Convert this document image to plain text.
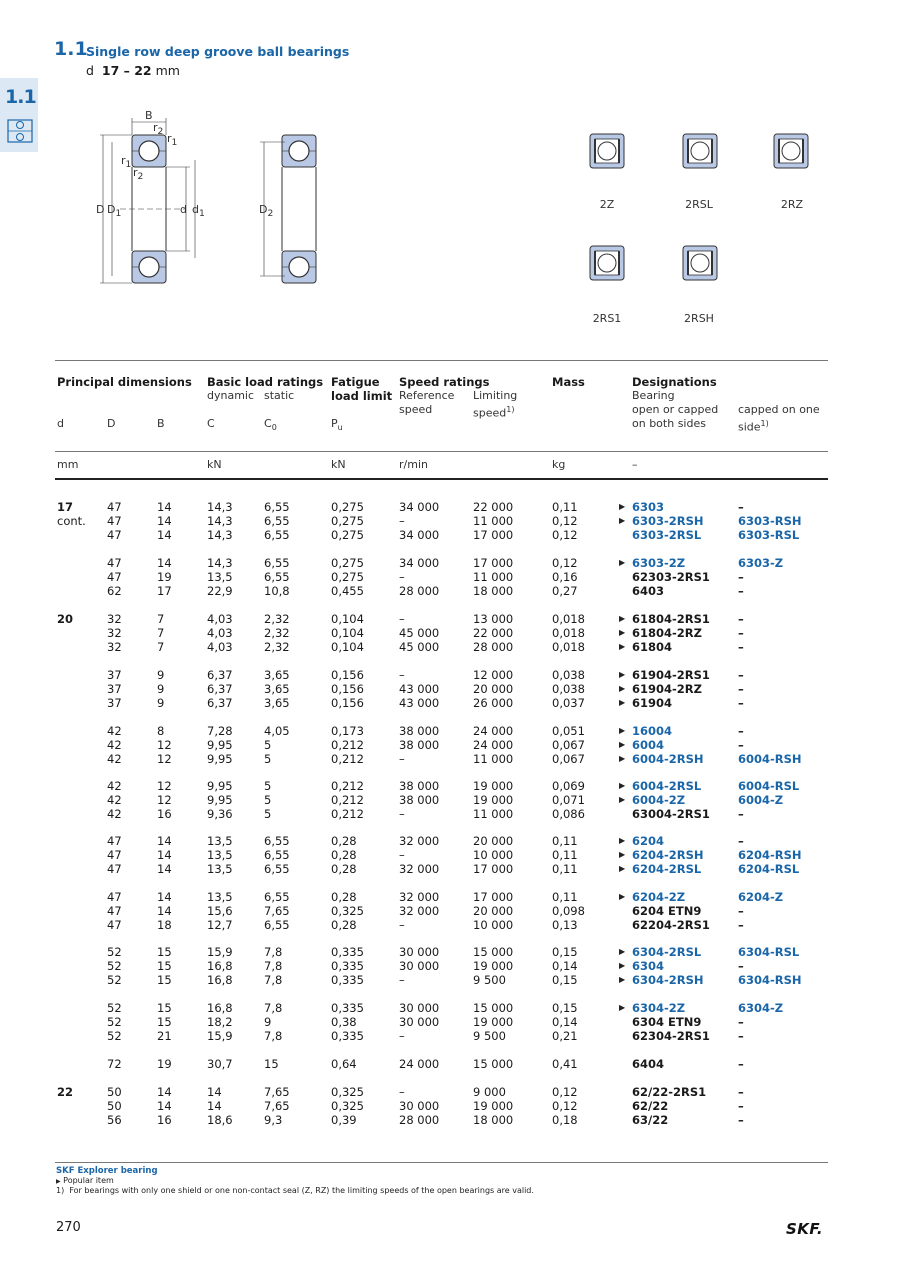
1.1
1.1
Single row deep groove ball bearings
d 17 – 22 mm
B
$r_2$
$r_1$
$r_1$
$r_2$
D $D_1$	d $d_1$	$D_2$
2Z	2RSL	2RZ
2RS1	2RSH
Principal dimensions Basic load ratings
dynamic static
Fatigue
load limit
Speed ratings
Reference
speed
Limiting
speed$^{1)}$
Mass	Designations
Bearing
open or capped
on both sides
capped on one
side$^{1)}$
d	D	B	C	$C_0$	$P_u$
mm	kN	kN	r/min	kg	–
17	47	14	14,3	6,55	0,275	34 000	22 000	0,11	6303	–
▶
cont. 47	14	14,3	6,55	0,275	–	11 000	0,12	6303-2RSH	6303-RSH
▶
47	14	14,3	6,55	0,275	34 000	17 000	0,12	6303-2RSL	6303-RSL
47	14	14,3	6,55	0,275	34 000	17 000	0,12	6303-2Z	6303-Z
▶
47	19	13,5	6,55	0,275	–	11 000	0,16	62303-2RS1 –
62	17	22,9	10,8	0,455	28 000	18 000	0,27	6403	–
20	32	7	4,03	2,32	0,104	–	13 000	0,018	61804-2RS1 –
▶
32	7	4,03	2,32	0,104	45 000	22 000	0,018	61804-2RZ	–
▶
32	7	4,03	2,32	0,104	45 000	28 000	0,018	61804	–
▶
37	9	6,37	3,65	0,156	–	12 000	0,038	61904-2RS1 –
▶
37	9	6,37	3,65	0,156	43 000	20 000	0,038	61904-2RZ	–
▶
37	9	6,37	3,65	0,156	43 000	26 000	0,037	61904	–
▶
42	8	7,28	4,05	0,173	38 000	24 000	0,051	16004	–
▶
42	12	9,95	5	0,212	38 000	24 000	0,067	6004	–
▶
42	12	9,95	5	0,212	–	11 000	0,067	6004-2RSH	6004-RSH
▶
42	12	9,95	5	0,212	38 000	19 000	0,069	6004-2RSL	6004-RSL
▶
42	12	9,95	5	0,212	38 000	19 000	0,071	6004-2Z	6004-Z
▶
42	16	9,36	5	0,212	–	11 000	0,086	63004-2RS1 –
47	14	13,5	6,55	0,28	32 000	20 000	0,11	6204	–
▶
47	14	13,5	6,55	0,28	–	10 000	0,11	6204-2RSH	6204-RSH
▶
47	14	13,5	6,55	0,28	32 000	17 000	0,11	6204-2RSL	6204-RSL
▶
47	14	13,5	6,55	0,28	32 000	17 000	0,11	6204-2Z	6204-Z
▶
47	14	15,6	7,65	0,325	32 000	20 000	0,098	6204 ETN9	–
47	18	12,7	6,55	0,28	–	10 000	0,13	62204-2RS1 –
52	15	15,9	7,8	0,335	30 000	15 000	0,15	6304-2RSL	6304-RSL
▶
52	15	16,8	7,8	0,335	30 000	19 000	0,14	6304	–
▶
52	15	16,8	7,8	0,335	–	9 500	0,15	6304-2RSH	6304-RSH
▶
52	15	16,8	7,8	0,335	30 000	15 000	0,15	6304-2Z	6304-Z
▶
52	15	18,2	9	0,38	30 000	19 000	0,14	6304 ETN9	–
52	21	15,9	7,8	0,335	–	9 500	0,21	62304-2RS1 –
72	19	30,7	15	0,64	24 000	15 000	0,41	6404	–
22	50	14	14	7,65	0,325	–	9 000	0,12	62/22-2RS1	–
50	14	14	7,65	0,325	30 000	19 000	0,12	62/22	–
56	16	18,6	9,3	0,39	28 000	18 000	0,18	63/22	–
SKF Explorer bearing
▶ Popular item
1) For bearings with only one shield or one non-contact seal (Z, RZ) the limiting speeds of the open bearings are valid.
270	SKF.
